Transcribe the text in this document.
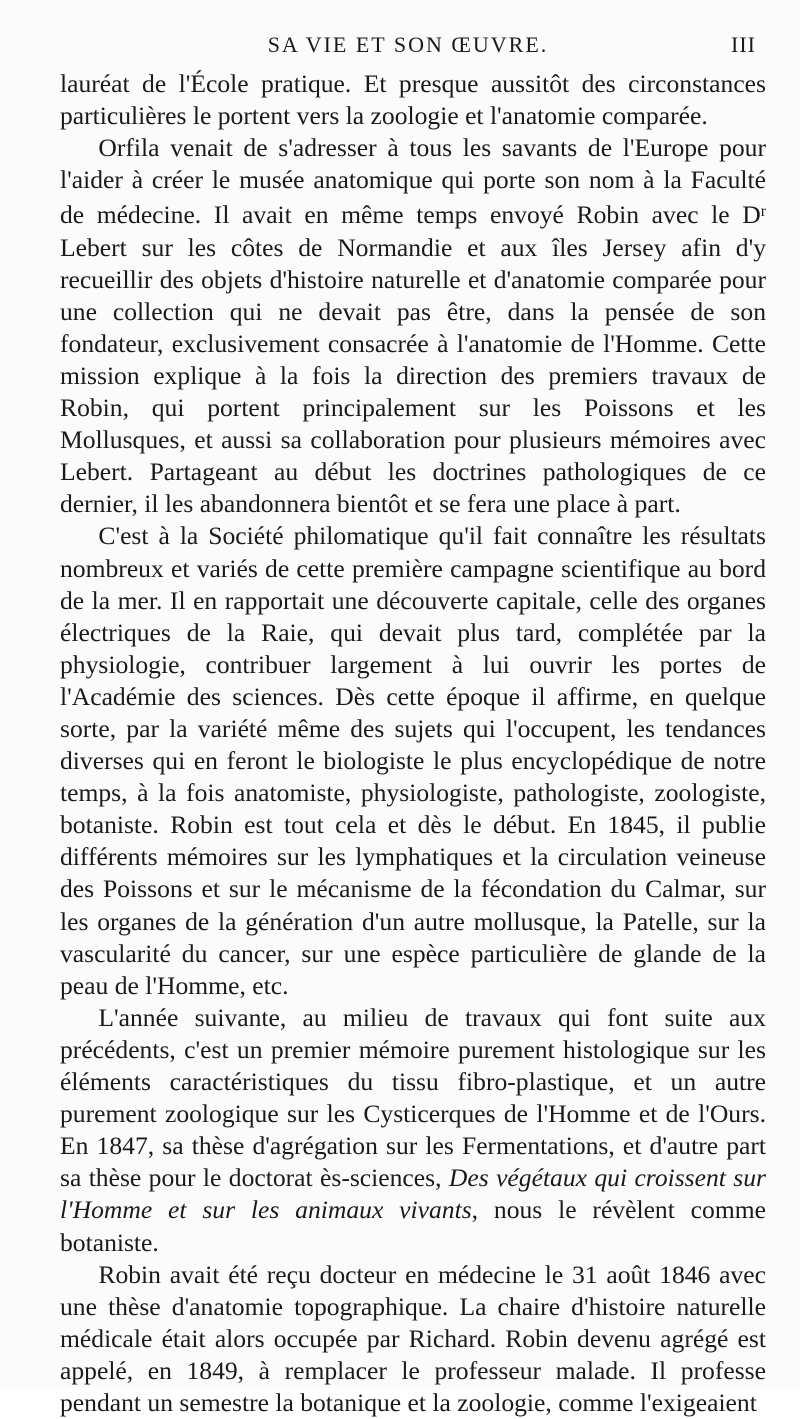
SA VIE ET SON ŒUVRE.	III

lauréat de l'École pratique. Et presque aussitôt des circonstances particulières le portent vers la zoologie et l'anatomie comparée.

Orfila venait de s'adresser à tous les savants de l'Europe pour l'aider à créer le musée anatomique qui porte son nom à la Faculté de médecine. Il avait en même temps envoyé Robin avec le $D^r$ Lebert sur les côtes de Normandie et aux îles Jersey afin d'y recueillir des objets d'histoire naturelle et d'anatomie comparée pour une collection qui ne devait pas être, dans la pensée de son fondateur, exclusivement consacrée à l'anatomie de l'Homme. Cette mission explique à la fois la direction des premiers travaux de Robin, qui portent principalement sur les Poissons et les Mollusques, et aussi sa collaboration pour plusieurs mémoires avec Lebert. Partageant au début les doctrines pathologiques de ce dernier, il les abandonnera bientôt et se fera une place à part.

C'est à la Société philomatique qu'il fait connaître les résultats nombreux et variés de cette première campagne scientifique au bord de la mer. Il en rapportait une découverte capitale, celle des organes électriques de la Raie, qui devait plus tard, complétée par la physiologie, contribuer largement à lui ouvrir les portes de l'Académie des sciences. Dès cette époque il affirme, en quelque sorte, par la variété même des sujets qui l'occupent, les tendances diverses qui en feront le biologiste le plus encyclopédique de notre temps, à la fois anatomiste, physiologiste, pathologiste, zoologiste, botaniste. Robin est tout cela et dès le début. En 1845, il publie différents mémoires sur les lymphatiques et la circulation veineuse des Poissons et sur le mécanisme de la fécondation du Calmar, sur les organes de la génération d'un autre mollusque, la Patelle, sur la vascularité du cancer, sur une espèce particulière de glande de la peau de l'Homme, etc.

L'année suivante, au milieu de travaux qui font suite aux précédents, c'est un premier mémoire purement histologique sur les éléments caractéristiques du tissu fibro-plastique, et un autre purement zoologique sur les Cysticerques de l'Homme et de l'Ours. En 1847, sa thèse d'agrégation sur les Fermentations, et d'autre part sa thèse pour le doctorat ès-sciences, Des végétaux qui croissent sur l'Homme et sur les animaux vivants, nous le révèlent comme botaniste.

Robin avait été reçu docteur en médecine le 31 août 1846 avec une thèse d'anatomie topographique. La chaire d'histoire naturelle médicale était alors occupée par Richard. Robin devenu agrégé est appelé, en 1849, à remplacer le professeur malade. Il professe pendant un semestre la botanique et la zoologie, comme l'exigeaient
